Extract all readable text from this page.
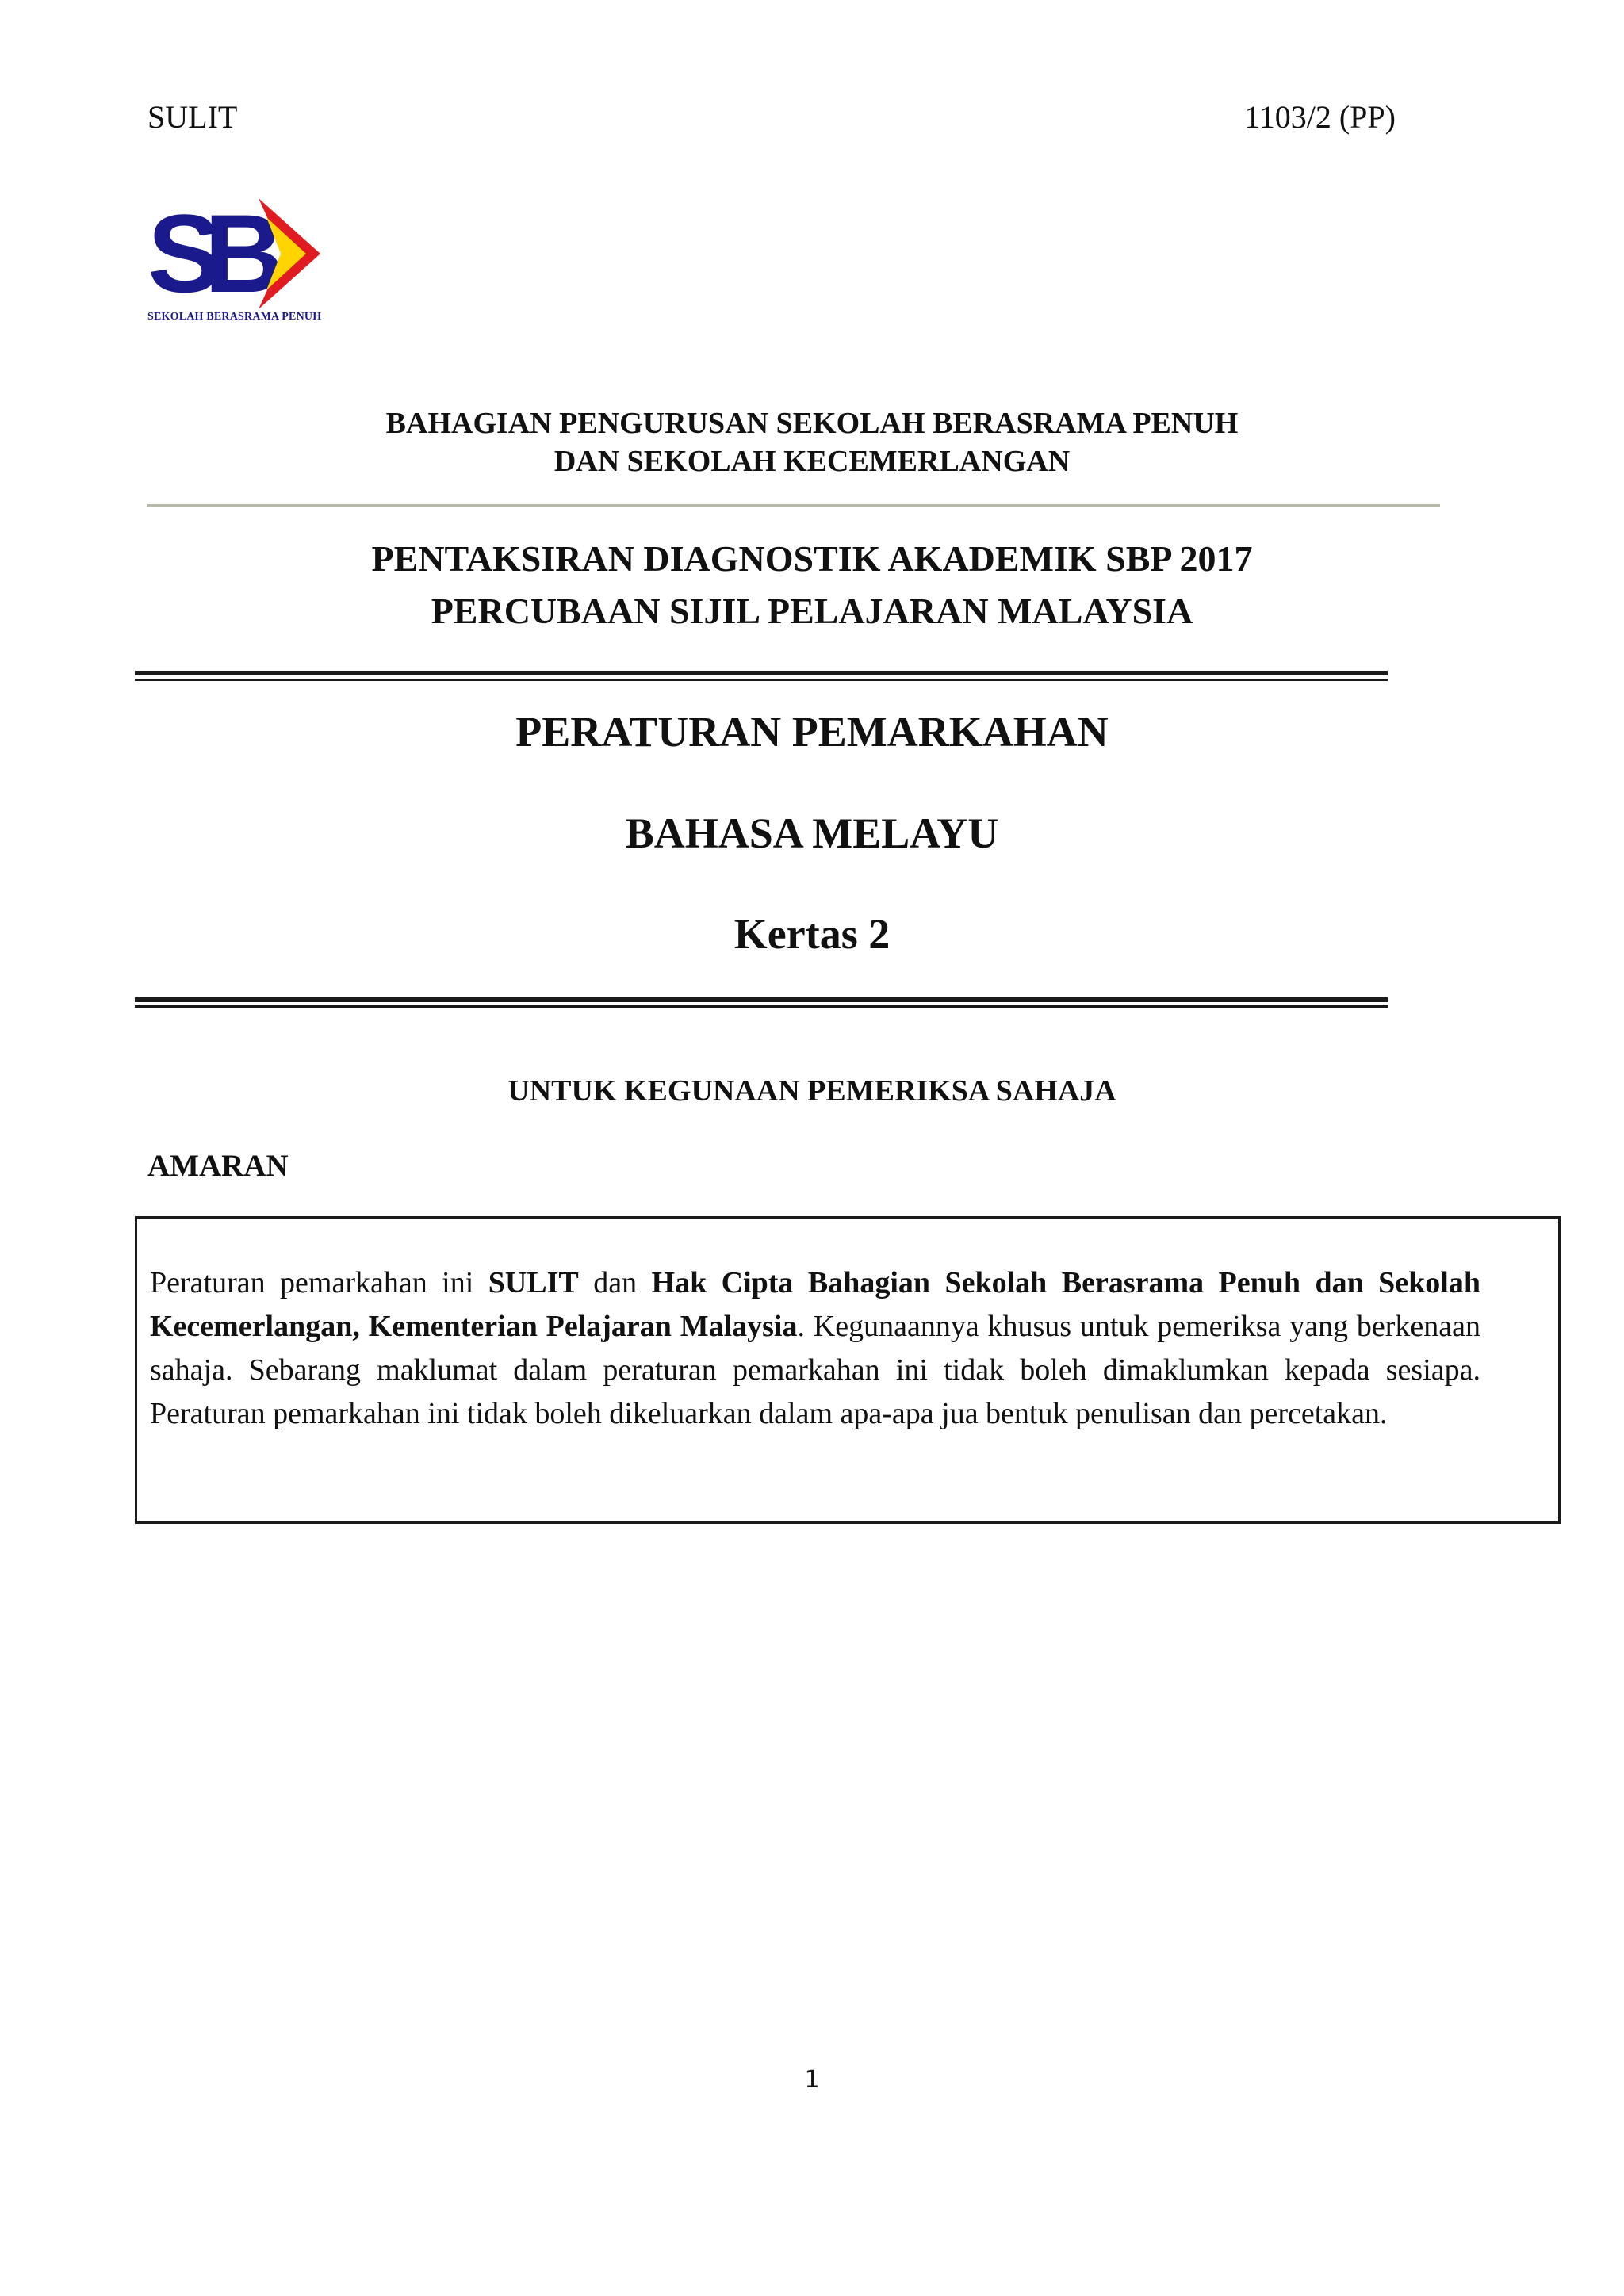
SULIT	1103/2 (PP)
SB
SEKOLAH BERASRAMA PENUH
BAHAGIAN PENGURUSAN SEKOLAH BERASRAMA PENUH
DAN SEKOLAH KECEMERLANGAN
PENTAKSIRAN DIAGNOSTIK AKADEMIK SBP 2017
PERCUBAAN SIJIL PELAJARAN MALAYSIA
PERATURAN PEMARKAHAN
BAHASA MELAYU
Kertas 2
UNTUK KEGUNAAN PEMERIKSA SAHAJA
AMARAN
Peraturan pemarkahan ini SULIT dan Hak Cipta Bahagian Sekolah Berasrama Penuh dan Sekolah Kecemerlangan, Kementerian Pelajaran Malaysia. Kegunaannya khusus untuk pemeriksa yang berkenaan sahaja. Sebarang maklumat dalam peraturan pemarkahan ini tidak boleh dimaklumkan kepada sesiapa. Peraturan pemarkahan ini tidak boleh dikeluarkan dalam apa-apa jua bentuk penulisan dan percetakan.
1
